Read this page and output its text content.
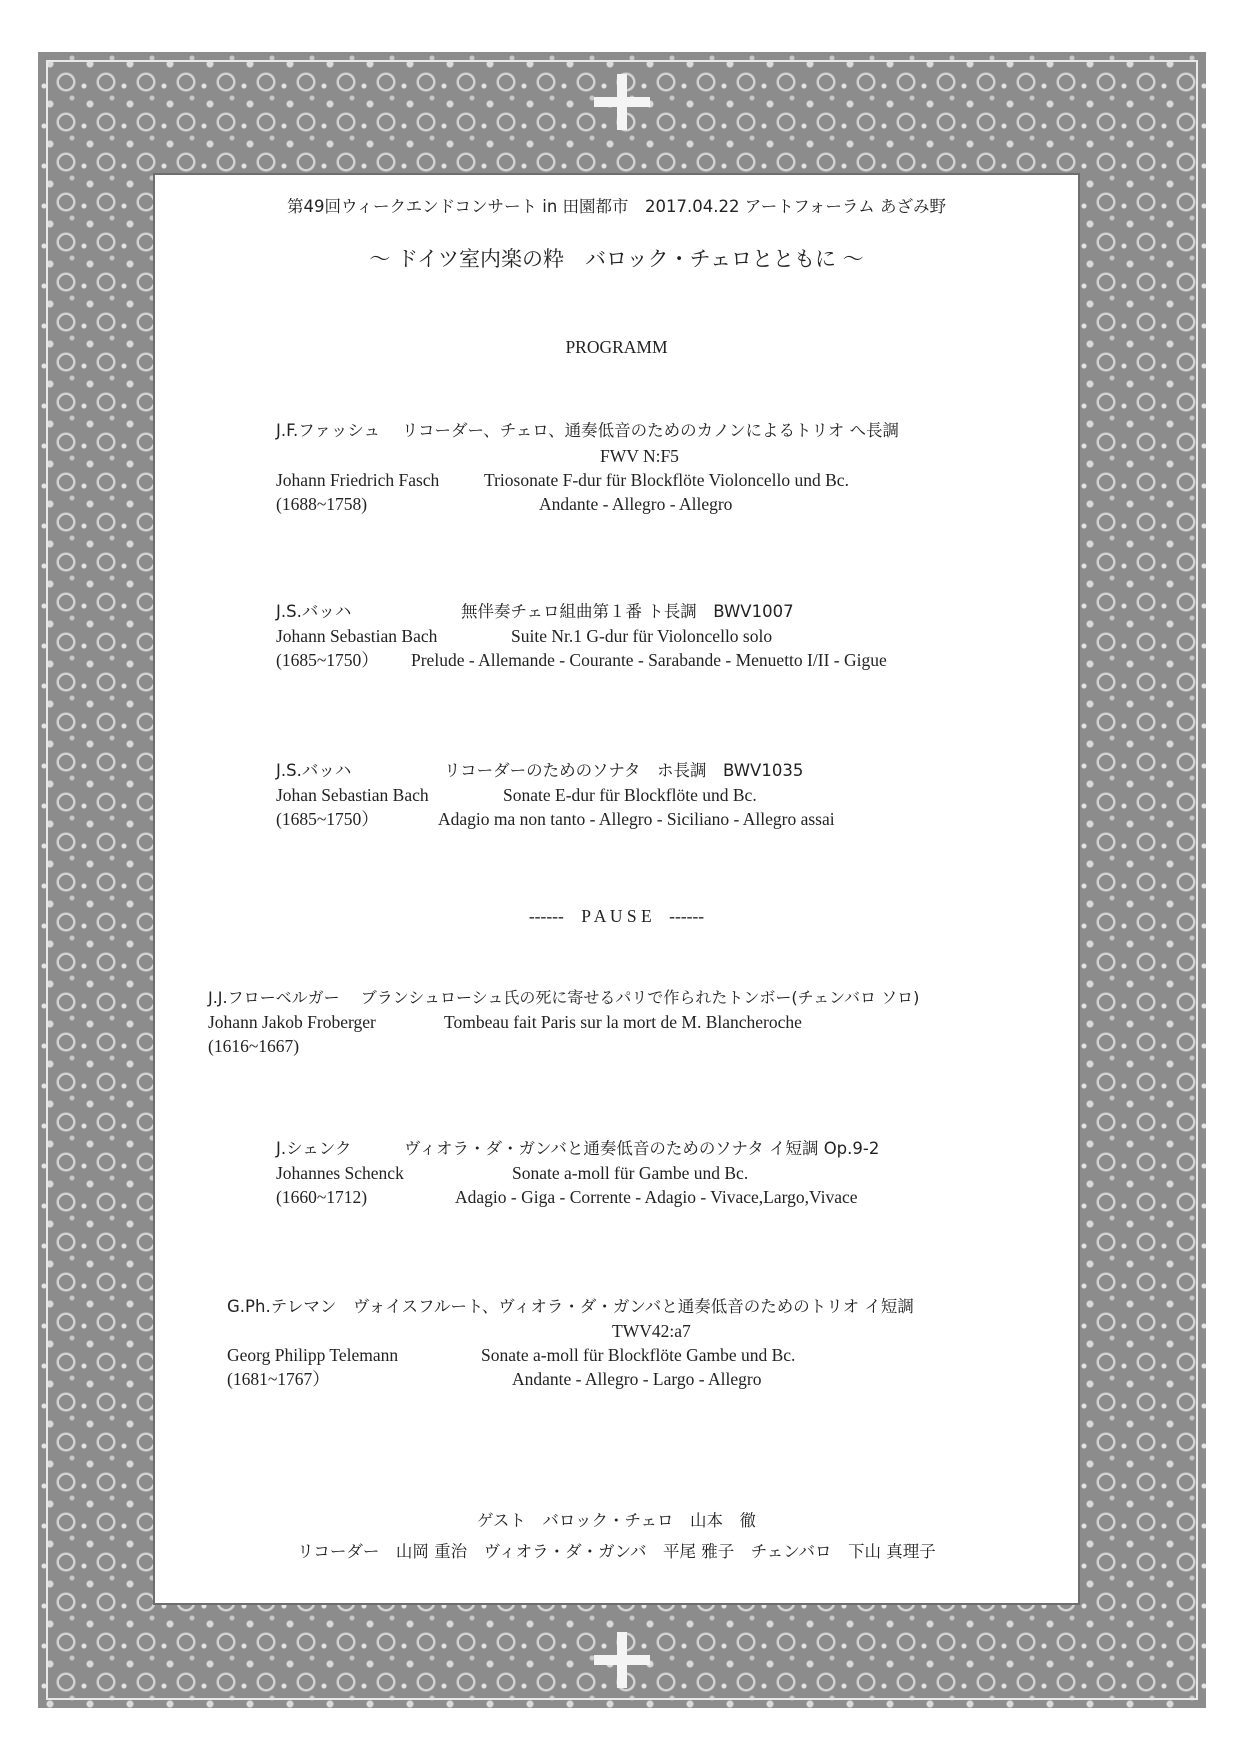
第49回ウィークエンドコンサート in 田園都市　2017.04.22 アートフォーラム あざみ野
〜 ドイツ室内楽の粋　バロック・チェロとともに 〜
PROGRAMM
J.F.ファッシュ　 リコーダー、チェロ、通奏低音のためのカノンによるトリオ へ長調
FWV N:F5
Johann Friedrich Fasch	Triosonate F-dur für Blockflöte Violoncello und Bc.
(1688~1758)	Andante - Allegro - Allegro
J.S.バッハ	無伴奏チェロ組曲第１番 ト長調　BWV1007
Johann Sebastian Bach	Suite Nr.1 G-dur für Violoncello solo
(1685~1750） Prelude - Allemande - Courante - Sarabande - Menuetto I/II - Gigue
J.S.バッハ	リコーダーのためのソナタ　ホ長調　BWV1035
Johan Sebastian Bach	Sonate E-dur für Blockflöte und Bc.
(1685~1750）	Adagio ma non tanto - Allegro - Siciliano - Allegro assai
------　P A U S E　------
J.J.フローベルガー　 ブランシュローシュ氏の死に寄せるパリで作られたトンボー(チェンバロ ソロ)
Johann Jakob Froberger	Tombeau fait Paris sur la mort de M. Blancheroche
(1616~1667)
J.シェンク	ヴィオラ・ダ・ガンバと通奏低音のためのソナタ イ短調 Op.9-2
Johannes Schenck	Sonate a-moll für Gambe und Bc.
(1660~1712)	Adagio - Giga - Corrente - Adagio - Vivace,Largo,Vivace
G.Ph.テレマン　ヴォイスフルート、ヴィオラ・ダ・ガンバと通奏低音のためのトリオ イ短調
TWV42:a7
Georg Philipp Telemann	Sonate a-moll für Blockflöte Gambe und Bc.
(1681~1767）	Andante - Allegro - Largo - Allegro
ゲスト　バロック・チェロ　山本　徹
リコーダー　山岡 重治　ヴィオラ・ダ・ガンバ　平尾 雅子　チェンバロ　下山 真理子
